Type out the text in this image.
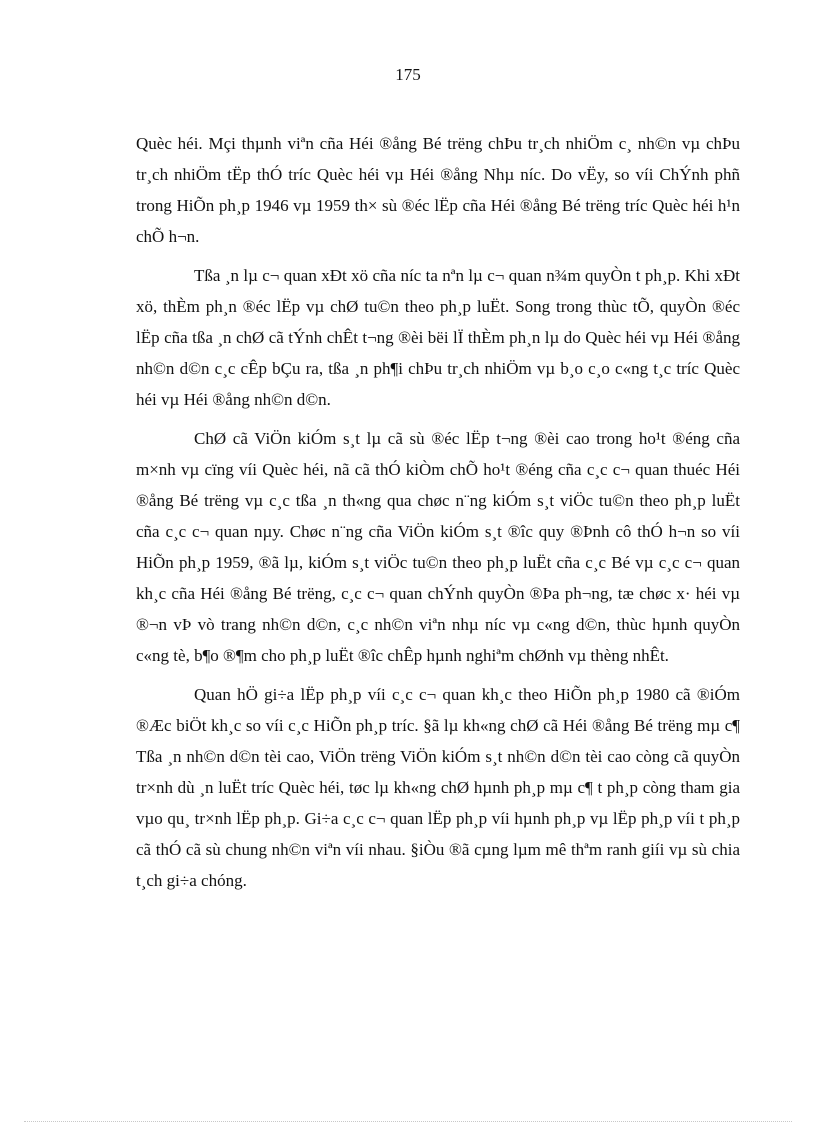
175

Quèc héi. Mçi thµnh viªn cña Héi ®ång Bé trëng chÞu tr¸ch nhiÖm c¸ nh©n vµ chÞu tr¸ch nhiÖm tËp thÓ tríc Quèc héi vµ Héi ®ång Nhµ níc. Do vËy, so víi ChÝnh phñ trong HiÕn ph¸p 1946 vµ 1959 th× sù ®éc lËp cña Héi ®ång Bé trëng tríc Quèc héi h¹n chÕ h¬n.

Tßa ¸n lµ c¬ quan xÐt xö cña níc ta nªn lµ c¬ quan n¾m quyÒn t ph¸p. Khi xÐt xö, thÈm ph¸n ®éc lËp vµ chØ tu©n theo ph¸p luËt. Song trong thùc tÕ, quyÒn ®éc lËp cña tßa ¸n chØ cã tÝnh chÊt t¬ng ®èi bëi lÏ thÈm ph¸n lµ do Quèc héi vµ Héi ®ång nh©n d©n c¸c cÊp bÇu ra, tßa ¸n ph¶i chÞu tr¸ch nhiÖm vµ b¸o c¸o c«ng t¸c tríc Quèc héi vµ Héi ®ång nh©n d©n.

ChØ cã ViÖn kiÓm s¸t lµ cã sù ®éc lËp t¬ng ®èi cao trong ho¹t ®éng cña m×nh vµ cïng víi Quèc héi, nã cã thÓ kiÒm chÕ ho¹t ®éng cña c¸c c¬ quan thuéc Héi ®ång Bé trëng vµ c¸c tßa ¸n th«ng qua chøc n¨ng kiÓm s¸t viÖc tu©n theo ph¸p luËt cña c¸c c¬ quan nµy. Chøc n¨ng cña ViÖn kiÓm s¸t ®îc quy ®Þnh cô thÓ h¬n so víi HiÕn ph¸p 1959, ®ã lµ, kiÓm s¸t viÖc tu©n theo ph¸p luËt cña c¸c Bé vµ c¸c c¬ quan kh¸c cña Héi ®ång Bé trëng, c¸c c¬ quan chÝnh quyÒn ®Þa ph¬ng, tæ chøc x· héi vµ ®¬n vÞ vò trang nh©n d©n, c¸c nh©n viªn nhµ níc vµ c«ng d©n, thùc hµnh quyÒn c«ng tè, b¶o ®¶m cho ph¸p luËt ®îc chÊp hµnh nghiªm chØnh vµ thèng nhÊt.

Quan hÖ gi÷a lËp ph¸p víi c¸c c¬ quan kh¸c theo HiÕn ph¸p 1980 cã ®iÓm ®Æc biÖt kh¸c so víi c¸c HiÕn ph¸p tríc. §ã lµ kh«ng chØ cã Héi ®ång Bé trëng mµ c¶ Tßa ¸n nh©n d©n tèi cao, ViÖn trëng ViÖn kiÓm s¸t nh©n d©n tèi cao còng cã quyÒn tr×nh dù ¸n luËt tríc Quèc héi, tøc lµ kh«ng chØ hµnh ph¸p mµ c¶ t ph¸p còng tham gia vµo qu¸ tr×nh lËp ph¸p. Gi÷a c¸c c¬ quan lËp ph¸p víi hµnh ph¸p vµ lËp ph¸p víi t ph¸p cã thÓ cã sù chung nh©n viªn víi nhau. §iÒu ®ã cµng lµm mê thªm ranh giíi vµ sù chia t¸ch gi÷a chóng.
